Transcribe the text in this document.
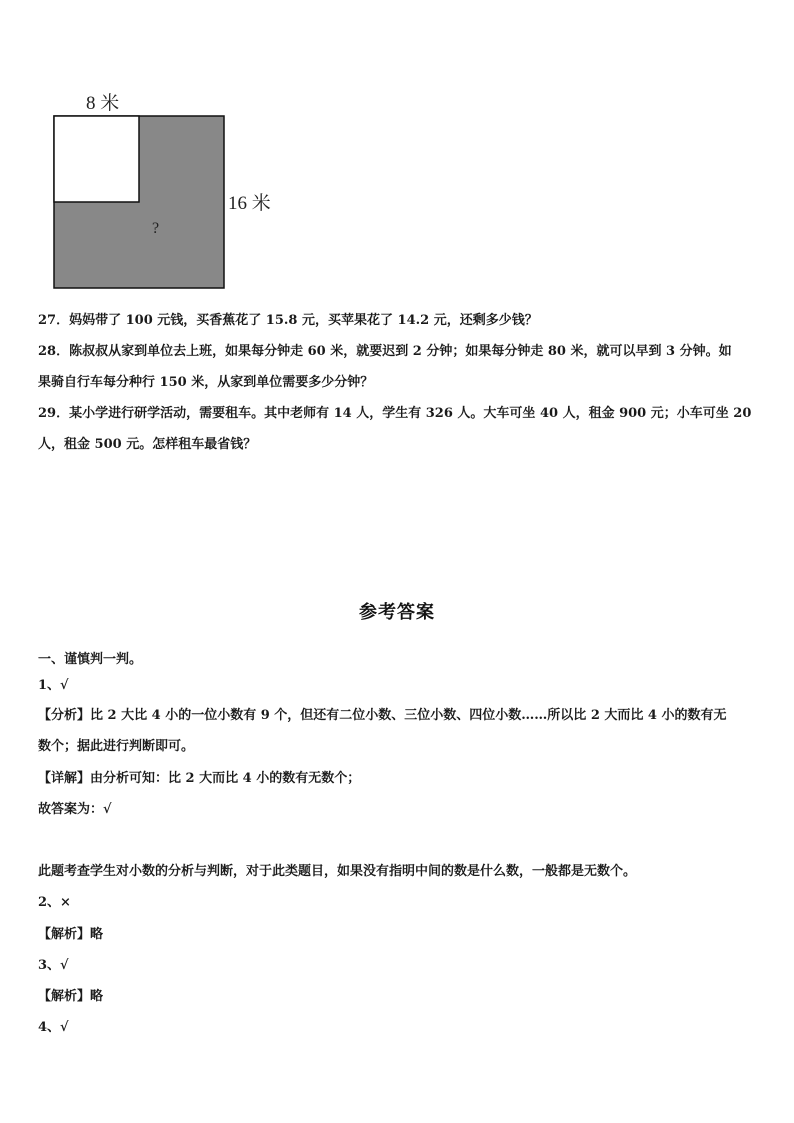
8 米
16 米
?
27．妈妈带了 100 元钱，买香蕉花了 15.8 元，买苹果花了 14.2 元，还剩多少钱？
28．陈叔叔从家到单位去上班，如果每分钟走 60 米，就要迟到 2 分钟；如果每分钟走 80 米，就可以早到 3 分钟。如
果骑自行车每分种行 150 米，从家到单位需要多少分钟？
29．某小学进行研学活动，需要租车。其中老师有 14 人，学生有 326 人。大车可坐 40 人，租金 900 元；小车可坐 20
人，租金 500 元。怎样租车最省钱？
参考答案
一、谨慎判一判。
1、√
【分析】比 2 大比 4 小的一位小数有 9 个，但还有二位小数、三位小数、四位小数……所以比 2 大而比 4 小的数有无
数个；据此进行判断即可。
【详解】由分析可知：比 2 大而比 4 小的数有无数个；
故答案为：√
此题考查学生对小数的分析与判断，对于此类题目，如果没有指明中间的数是什么数，一般都是无数个。
2、×
【解析】略
3、√
【解析】略
4、√
